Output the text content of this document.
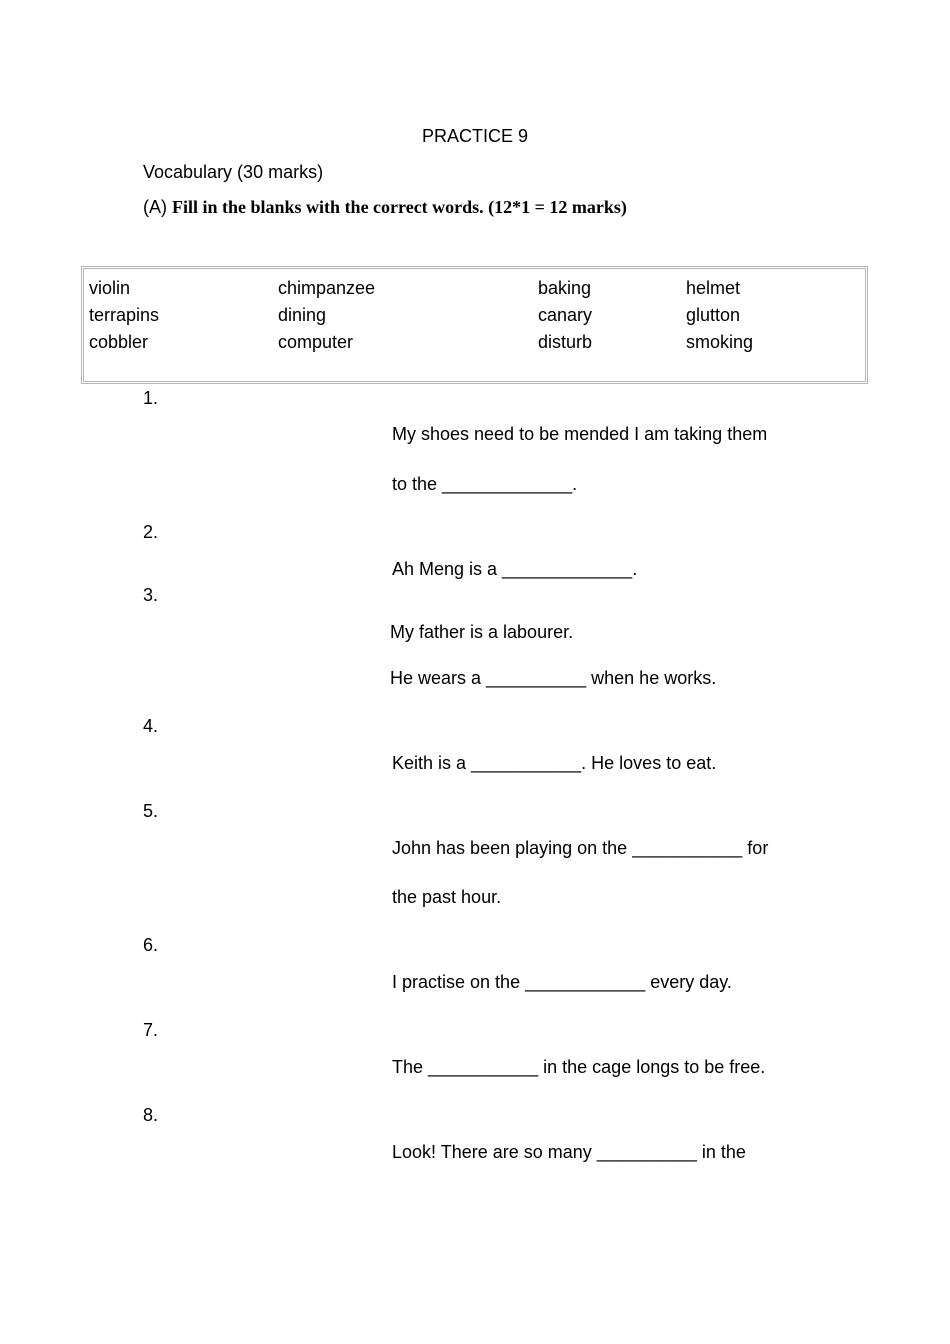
PRACTICE 9
Vocabulary (30 marks)
(A) Fill in the blanks with the correct words. (12*1 = 12 marks)
violin	chimpanzee	baking	helmet
terrapins	dining	canary	glutton
cobbler	computer	disturb	smoking
1.
My shoes need to be mended I am taking them
to the _____________.
2.
Ah Meng is a _____________.
3.
My father is a labourer.
He wears a __________ when he works.
4.
Keith is a ___________. He loves to eat.
5.
John has been playing on the ___________ for
the past hour.
6.
I practise on the ____________ every day.
7.
The ___________ in the cage longs to be free.
8.
Look! There are so many __________ in the
